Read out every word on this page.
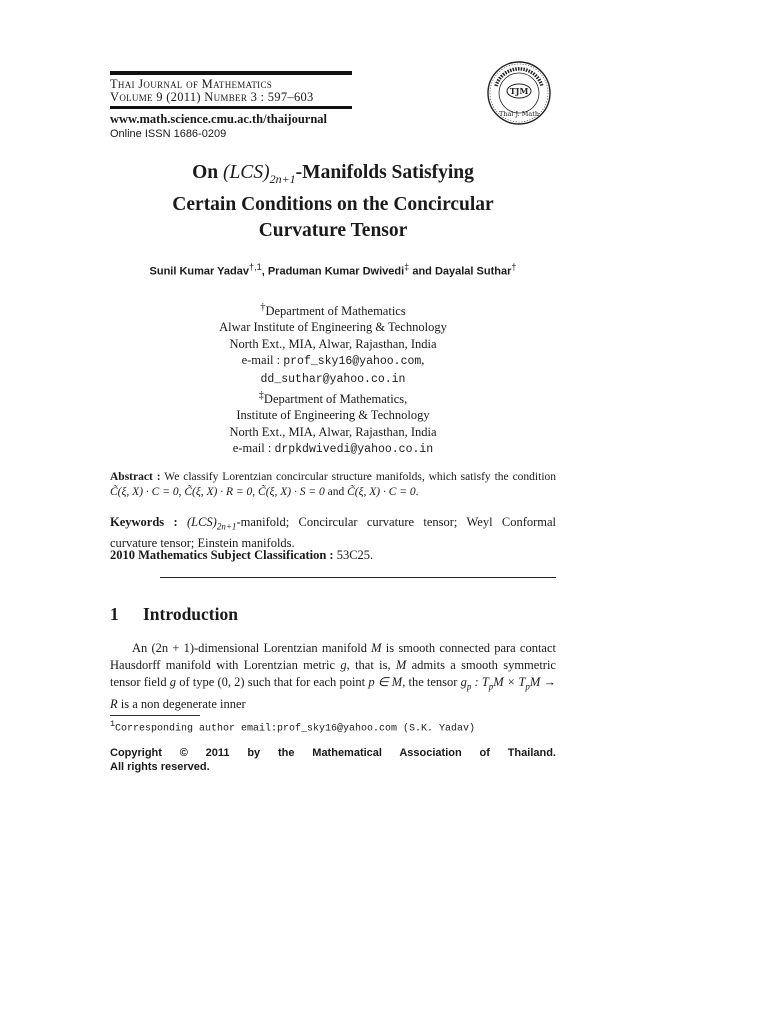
Thai Journal of Mathematics
Volume 9 (2011) Number 3 : 597–603
www.math.science.cmu.ac.th/thaijournal
Online ISSN 1686-0209
TJM
Thai J. Math
On $(LCS)_{2n+1}$-Manifolds Satisfying
Certain Conditions on the Concircular
Curvature Tensor
Sunil Kumar Yadav$^{\dagger,1}$, Praduman Kumar Dwivedi‡ and Dayalal Suthar†
†Department of Mathematics
Alwar Institute of Engineering & Technology
North Ext., MIA, Alwar, Rajasthan, India
e-mail : prof_sky16@yahoo.com,
dd_suthar@yahoo.co.in
‡Department of Mathematics,
Institute of Engineering & Technology
North Ext., MIA, Alwar, Rajasthan, India
e-mail : drpkdwivedi@yahoo.co.in
Abstract : We classify Lorentzian concircular structure manifolds, which satisfy the condition C̃(ξ, X) · C = 0, C̃(ξ, X) · R = 0, C̃(ξ, X) · S = 0 and C̃(ξ, X) · C = 0.
Keywords : $(LCS)_{2n+1}$-manifold; Concircular curvature tensor; Weyl Conformal curvature tensor; Einstein manifolds.
2010 Mathematics Subject Classification : 53C25.
1 Introduction
An (2n + 1)-dimensional Lorentzian manifold M is smooth connected para contact Hausdorff manifold with Lorentzian metric g, that is, M admits a smooth symmetric tensor field g of type (0, 2) such that for each point p ∈ M, the tensor $g_p$ : $T_pM \times T_pM \to R$ is a non degenerate inner
$^1$Corresponding author email:prof_sky16@yahoo.com (S.K. Yadav)
Copyright © 2011 by the Mathematical Association of Thailand.
All rights reserved.
